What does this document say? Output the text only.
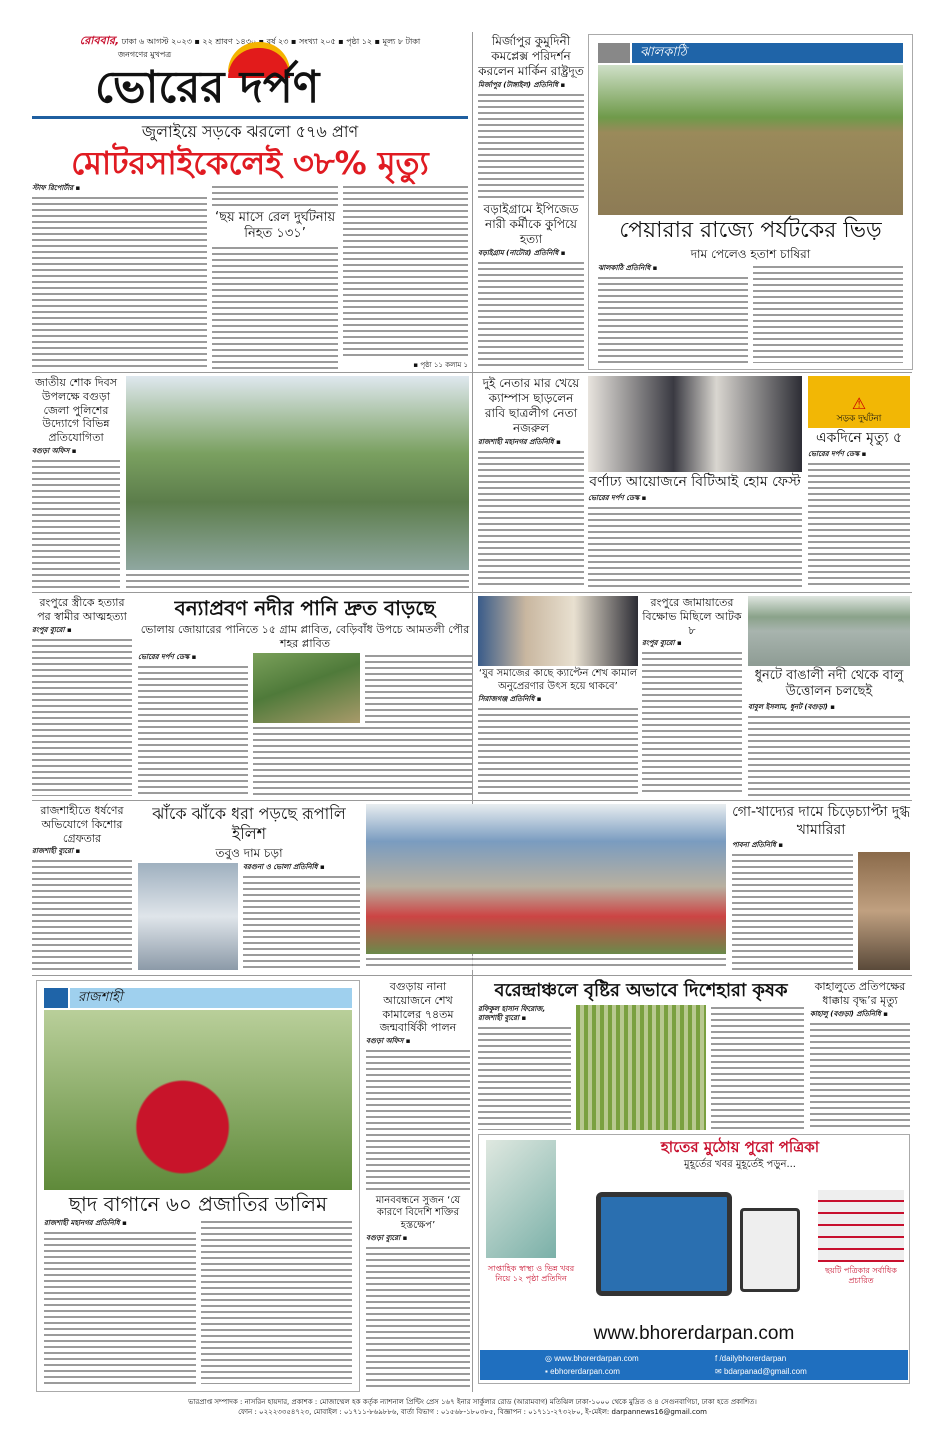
রোববার, ঢাকা ৬ আগস্ট ২০২৩ ▪ ২২ শ্রাবণ ১৪৩০ ▪ বর্ষ ২৩ ▪ সংখ্যা ২০৫ ▪ পৃষ্ঠা ১২ ▪ মূল্য ৮ টাকা
জনগণের মুখপত্র
ভোরের দর্পণ
জুলাইয়ে সড়কে ঝরলো ৫৭৬ প্রাণ
মোটরসাইকেলেই ৩৮% মৃত্যু
স্টাফ রিপোর্টার ▪
‘ছয় মাসে রেল দুর্ঘটনায় নিহত ১৩১’
▪ পৃষ্ঠা ১১ কলাম ১
মির্জাপুর কুমুদিনী কমপ্লেক্স পরিদর্শন করলেন মার্কিন রাষ্ট্রদূত
মির্জাপুর (টাঙ্গাইল) প্রতিনিধি ▪
বড়াইগ্রামে ইপিজেড নারী কর্মীকে কুপিয়ে হত্যা
বড়াইগ্রাম (নাটোর) প্রতিনিধি ▪
ঝালকাঠি
পেয়ারার রাজ্যে পর্যটকের ভিড়
দাম পেলেও হতাশ চাষিরা
ঝালকাঠি প্রতিনিধি ▪
জাতীয় শোক দিবস উপলক্ষে বগুড়া জেলা পুলিশের উদ্যোগে বিভিন্ন প্রতিযোগিতা
বগুড়া অফিস ▪
দুই নেতার মার খেয়ে ক্যাম্পাস ছাড়লেন রাবি ছাত্রলীগ নেতা নজরুল
রাজশাহী মহানগর প্রতিনিধি ▪
বর্ণাঢ্য আয়োজনে বিটিআই হোম ফেস্ট
ভোরের দর্পণ ডেস্ক ▪
⚠
সড়ক দুর্ঘটনা
একদিনে মৃত্যু ৫
ভোরের দর্পণ ডেস্ক ▪
রংপুরে স্ত্রীকে হত্যার পর স্বামীর আত্মহত্যা
রংপুর ব্যুরো ▪
বন্যাপ্রবণ নদীর পানি দ্রুত বাড়ছে
ভোলায় জোয়ারের পানিতে ১৫ গ্রাম প্লাবিত, বেড়িবাঁধ উপচে আমতলী পৌর শহর প্লাবিত
ভোরের দর্পণ ডেস্ক ▪
‘যুব সমাজের কাছে ক্যাপ্টেন শেখ কামাল অনুপ্রেরণার উৎস হয়ে থাকবে’
সিরাজগঞ্জ প্রতিনিধি ▪
রংপুরে জামায়াতের বিক্ষোভ মিছিলে আটক ৮
রংপুর ব্যুরো ▪
ধুনটে বাঙালী নদী থেকে বালু উত্তোলন চলছেই
বাবুল ইসলাম, ধুনট (বগুড়া) ▪
রাজশাহীতে ধর্ষণের অভিযোগে কিশোর গ্রেফতার
রাজশাহী ব্যুরো ▪
ঝাঁকে ঝাঁকে ধরা পড়ছে রূপালি ইলিশ
তবুও দাম চড়া
বরগুনা ও ভোলা প্রতিনিধি ▪
গো-খাদ্যের দামে চিড়েচ্যাপ্টা দুগ্ধ খামারিরা
পাবনা প্রতিনিধি ▪
রাজশাহী
ছাদ বাগানে ৬০ প্রজাতির ডালিম
রাজশাহী মহানগর প্রতিনিধি ▪
বগুড়ায় নানা আয়োজনে শেখ কামালের ৭৪তম জন্মবার্ষিকী পালন
বগুড়া অফিস ▪
মানববন্ধনে সুজন ‘যে কারণে বিদেশি শক্তির হস্তক্ষেপ’
বগুড়া ব্যুরো ▪
বরেন্দ্রাঞ্চলে বৃষ্টির অভাবে দিশেহারা কৃষক
রফিকুল হাসান ফিরোজ, রাজশাহী ব্যুরো ▪
কাহালুতে প্রতিপক্ষের ধাক্কায় বৃদ্ধ’র মৃত্যু
কাহালু (বগুড়া) প্রতিনিধি ▪
হাতের মুঠোয় পুরো পত্রিকা
মুহূর্তের খবর মুহূর্তেই পড়ুন...
সাপ্তাহিক স্বাস্থ্য ও ভিন্ন খবর নিয়ে ১২ পৃষ্ঠা প্রতিদিন
ছয়টি পত্রিকার সর্বাধিক প্রচারিত
www.bhorerdarpan.com
◎ www.bhorerdarpan.com
▪ ebhorerdarpan.com
f /dailybhorerdarpan
✉ bdarpanad@gmail.com
ভারপ্রাপ্ত সম্পাদক : নাসরিন হায়দার, প্রকাশক : মোজাম্মেল হক কর্তৃক ন্যাশনাল প্রিন্টিং প্রেস ১৬৭ ইনার সার্কুলার রোড (আরামবাগ) মতিঝিল ঢাকা-১০০০ থেকে মুদ্রিত ও ৪ সেগুনবাগিচা, ঢাকা হতে প্রকাশিত।
ফোন : ০২২২৩৩৫৪৭২৩, মোবাইল : ০১৭১১-৮৬৯৮৮৬, বার্তা বিভাগ : ০১৫৬৮-১৮০৩৮৫, বিজ্ঞাপন : ০১৭১১-২৭৩২৮০, ই-মেইল: darpannews16@gmail.com
